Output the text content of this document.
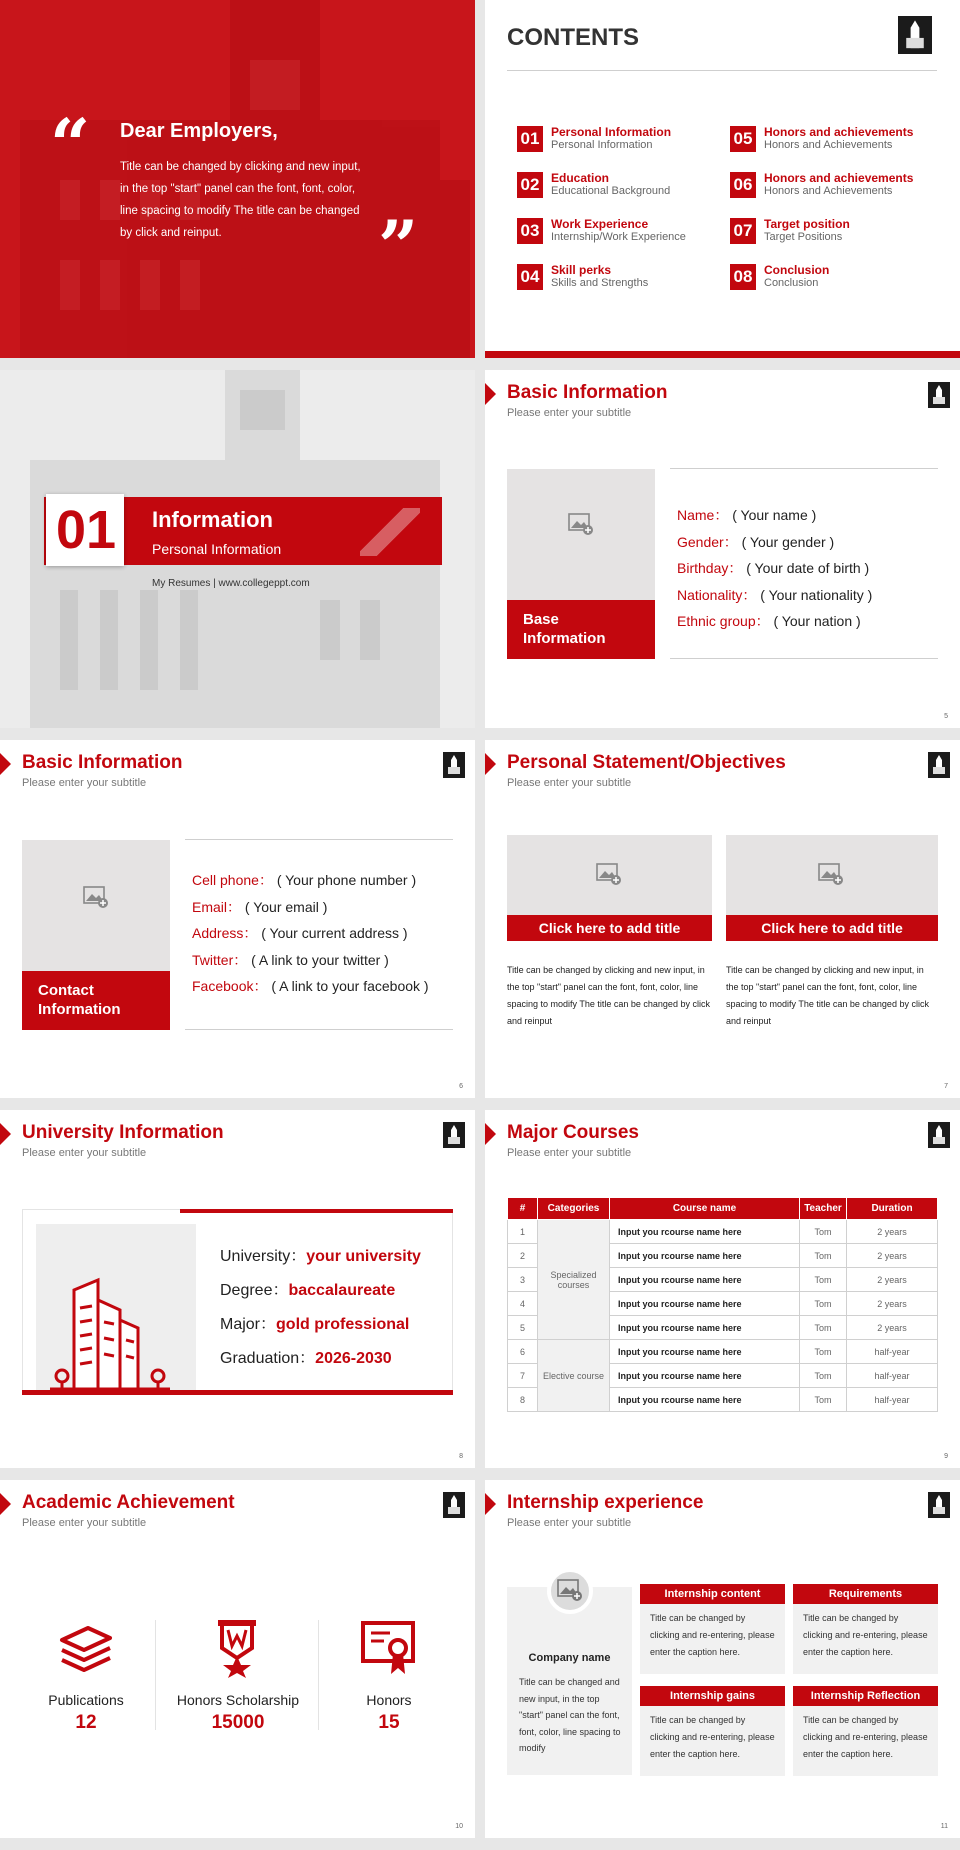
“
”
Dear Employers,
Title can be changed by clicking and new input, in the top "start" panel can the font, font, color, line spacing to modify The title can be changed by click and reinput.
CONTENTS
01 Personal Information
Personal Information
02 Education
Educational Background
03 Work Experience
Internship/Work Experience
04 Skill perks
Skills and Strengths
05 Honors and achievements
Honors and Achievements
06 Honors and achievements
Honors and Achievements
07 Target position
Target Positions
08 Conclusion
Conclusion
01 Information
Personal Information
My Resumes | www.collegeppt.com
Basic Information
Please enter your subtitle
Base Information
Name： ( Your name )
Gender： ( Your gender )
Birthday： ( Your date of birth )
Nationality： ( Your nationality )
Ethnic group： ( Your nation )
5
Basic Information
Please enter your subtitle
Contact Information
Cell phone： ( Your phone number )
Email： ( Your email )
Address： ( Your current address )
Twitter： ( A link to your twitter )
Facebook： ( A link to your facebook )
6
Personal Statement/Objectives
Please enter your subtitle
Click here to add title	Click here to add title
Title can be changed by clicking and new input, in the top "start" panel can the font, font, color, line spacing to modify The title can be changed by click and reinput
Title can be changed by clicking and new input, in the top "start" panel can the font, font, color, line spacing to modify The title can be changed by click and reinput
7
University Information
Please enter your subtitle
University：your university
Degree：baccalaureate
Major：gold professional
Graduation：2026-2030
8
Major Courses
Please enter your subtitle
#	Categories	Course name	Teacher	Duration
1	Specialized courses	Input you rcourse name here	Tom	2 years
2		Input you rcourse name here	Tom	2 years
3		Input you rcourse name here	Tom	2 years
4		Input you rcourse name here	Tom	2 years
5		Input you rcourse name here	Tom	2 years
6	Elective course	Input you rcourse name here	Tom	half-year
7		Input you rcourse name here	Tom	half-year
8		Input you rcourse name here	Tom	half-year
9
Academic Achievement
Please enter your subtitle
Publications
12
Honors Scholarship
15000
Honors
15
10
Internship experience
Please enter your subtitle
Company name
Title can be changed and new input, in the top "start" panel can the font, font, color, line spacing to modify
Internship content
Title can be changed by clicking and re-entering, please enter the caption here.
Requirements
Title can be changed by clicking and re-entering, please enter the caption here.
Internship gains
Title can be changed by clicking and re-entering, please enter the caption here.
Internship Reflection
Title can be changed by clicking and re-entering, please enter the caption here.
11
